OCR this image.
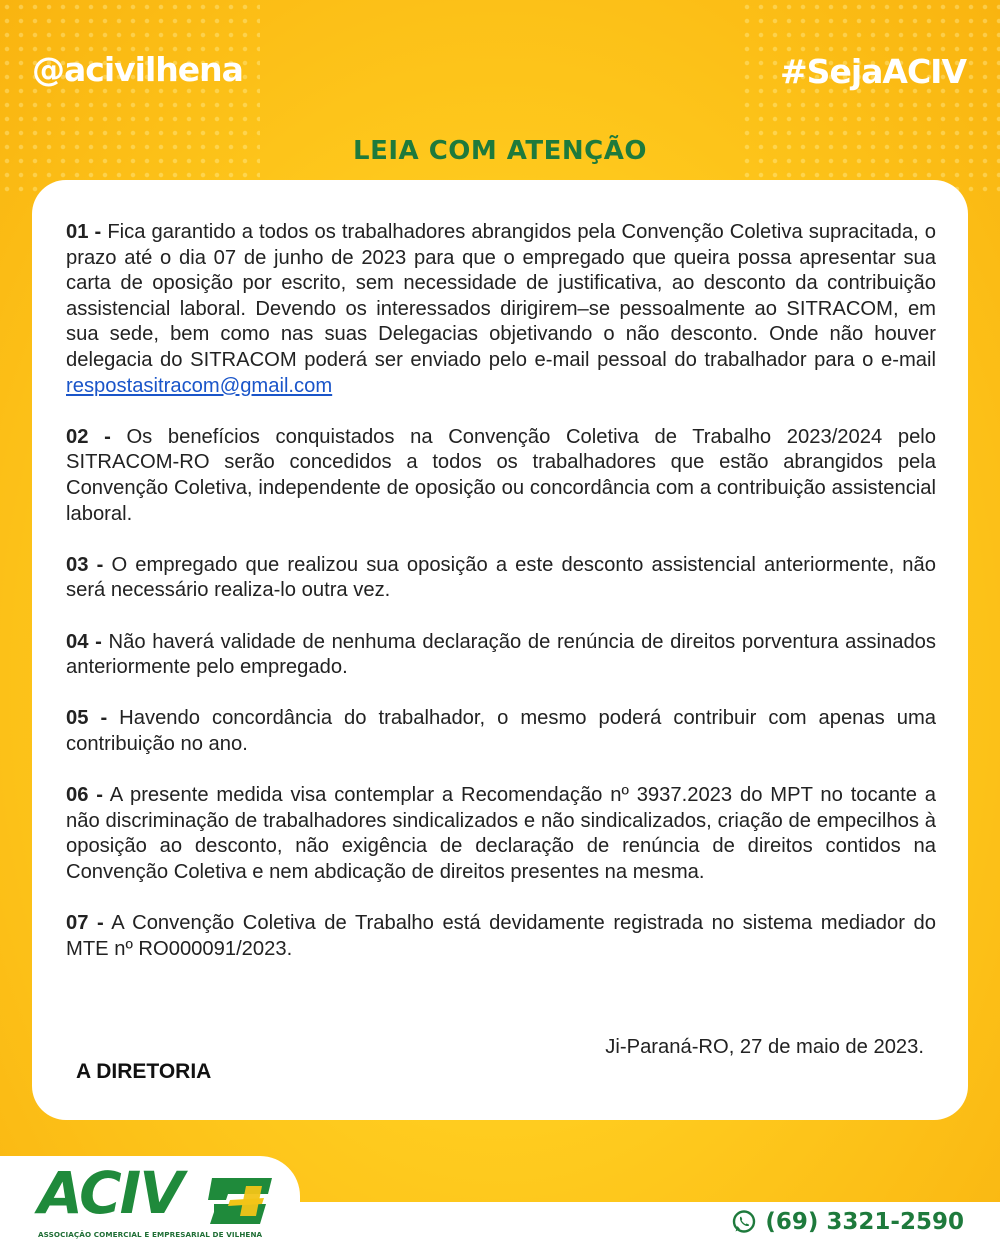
@acivilhena	#SejaACIV
LEIA COM ATENÇÃO

01 - Fica garantido a todos os trabalhadores abrangidos pela Convenção Coletiva supracitada, o prazo até o dia 07 de junho de 2023 para que o empregado que queira possa apresentar sua carta de oposição por escrito, sem necessidade de justificativa, ao desconto da contribuição assistencial laboral. Devendo os interessados dirigirem–se pessoalmente ao SITRACOM, em sua sede, bem como nas suas Delegacias objetivando o não desconto. Onde não houver delegacia do SITRACOM poderá ser enviado pelo e-mail pessoal do trabalhador para o e-mail respostasitracom@gmail.com

02 - Os benefícios conquistados na Convenção Coletiva de Trabalho 2023/2024 pelo SITRACOM-RO serão concedidos a todos os trabalhadores que estão abrangidos pela Convenção Coletiva, independente de oposição ou concordância com a contribuição assistencial laboral.

03 - O empregado que realizou sua oposição a este desconto assistencial anteriormente, não será necessário realiza-lo outra vez.

04 - Não haverá validade de nenhuma declaração de renúncia de direitos porventura assinados anteriormente pelo empregado.

05 - Havendo concordância do trabalhador, o mesmo poderá contribuir com apenas uma contribuição no ano.

06 - A presente medida visa contemplar a Recomendação nº 3937.2023 do MPT no tocante a não discriminação de trabalhadores sindicalizados e não sindicalizados, criação de empecilhos à oposição ao desconto, não exigência de declaração de renúncia de direitos contidos na Convenção Coletiva e nem abdicação de direitos presentes na mesma.

07 - A Convenção Coletiva de Trabalho está devidamente registrada no sistema mediador do MTE nº RO000091/2023.

Ji-Paraná-RO, 27 de maio de 2023.
A DIRETORIA
ACIV
ASSOCIAÇÃO COMERCIAL E EMPRESARIAL DE VILHENA	(69) 3321-2590
